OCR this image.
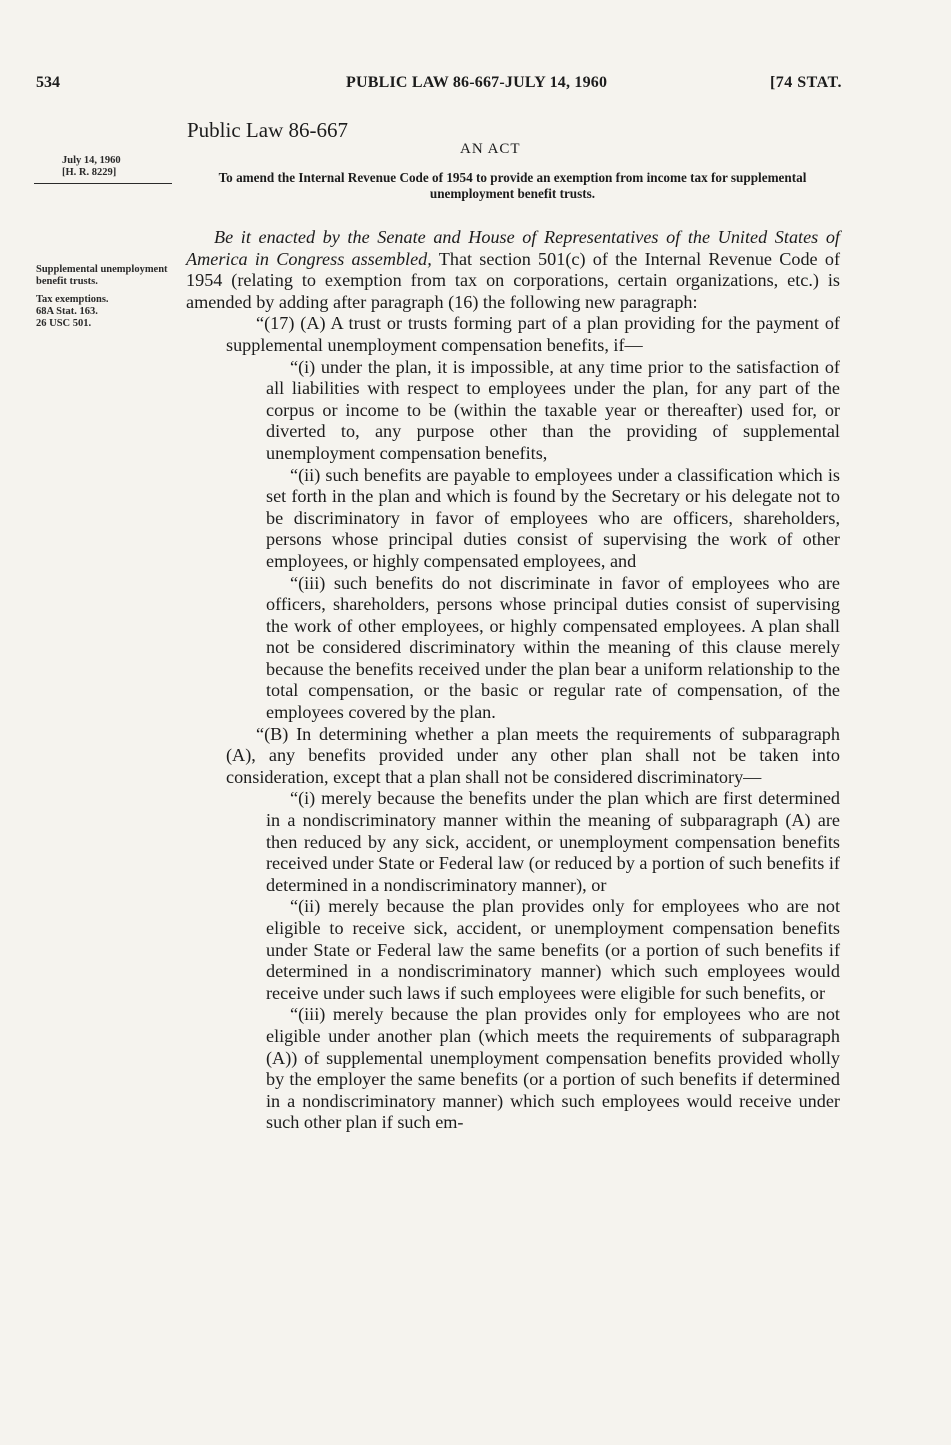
534	PUBLIC LAW 86-667-JULY 14, 1960	[74 STAT.
Public Law 86-667
AN ACT
To amend the Internal Revenue Code of 1954 to provide an exemption from income tax for supplemental unemployment benefit trusts.
July 14, 1960
[H. R. 8229]
Supplemental unemployment benefit trusts.
Tax exemptions.
68A Stat. 163.
26 USC 501.

Be it enacted by the Senate and House of Representatives of the United States of America in Congress assembled, That section 501(c) of the Internal Revenue Code of 1954 (relating to exemption from tax on corporations, certain organizations, etc.) is amended by adding after paragraph (16) the following new paragraph:

“(17) (A) A trust or trusts forming part of a plan providing for the payment of supplemental unemployment compensation benefits, if—

“(i) under the plan, it is impossible, at any time prior to the satisfaction of all liabilities with respect to employees under the plan, for any part of the corpus or income to be (within the taxable year or thereafter) used for, or diverted to, any purpose other than the providing of supplemental unemployment compensation benefits,

“(ii) such benefits are payable to employees under a classification which is set forth in the plan and which is found by the Secretary or his delegate not to be discriminatory in favor of employees who are officers, shareholders, persons whose principal duties consist of supervising the work of other employees, or highly compensated employees, and

“(iii) such benefits do not discriminate in favor of employees who are officers, shareholders, persons whose principal duties consist of supervising the work of other employees, or highly compensated employees. A plan shall not be considered discriminatory within the meaning of this clause merely because the benefits received under the plan bear a uniform relationship to the total compensation, or the basic or regular rate of compensation, of the employees covered by the plan.

“(B) In determining whether a plan meets the requirements of subparagraph (A), any benefits provided under any other plan shall not be taken into consideration, except that a plan shall not be considered discriminatory—

“(i) merely because the benefits under the plan which are first determined in a nondiscriminatory manner within the meaning of subparagraph (A) are then reduced by any sick, accident, or unemployment compensation benefits received under State or Federal law (or reduced by a portion of such benefits if determined in a nondiscriminatory manner), or

“(ii) merely because the plan provides only for employees who are not eligible to receive sick, accident, or unemployment compensation benefits under State or Federal law the same benefits (or a portion of such benefits if determined in a nondiscriminatory manner) which such employees would receive under such laws if such employees were eligible for such benefits, or

“(iii) merely because the plan provides only for employees who are not eligible under another plan (which meets the requirements of subparagraph (A)) of supplemental unemployment compensation benefits provided wholly by the employer the same benefits (or a portion of such benefits if determined in a nondiscriminatory manner) which such employees would receive under such other plan if such em-
